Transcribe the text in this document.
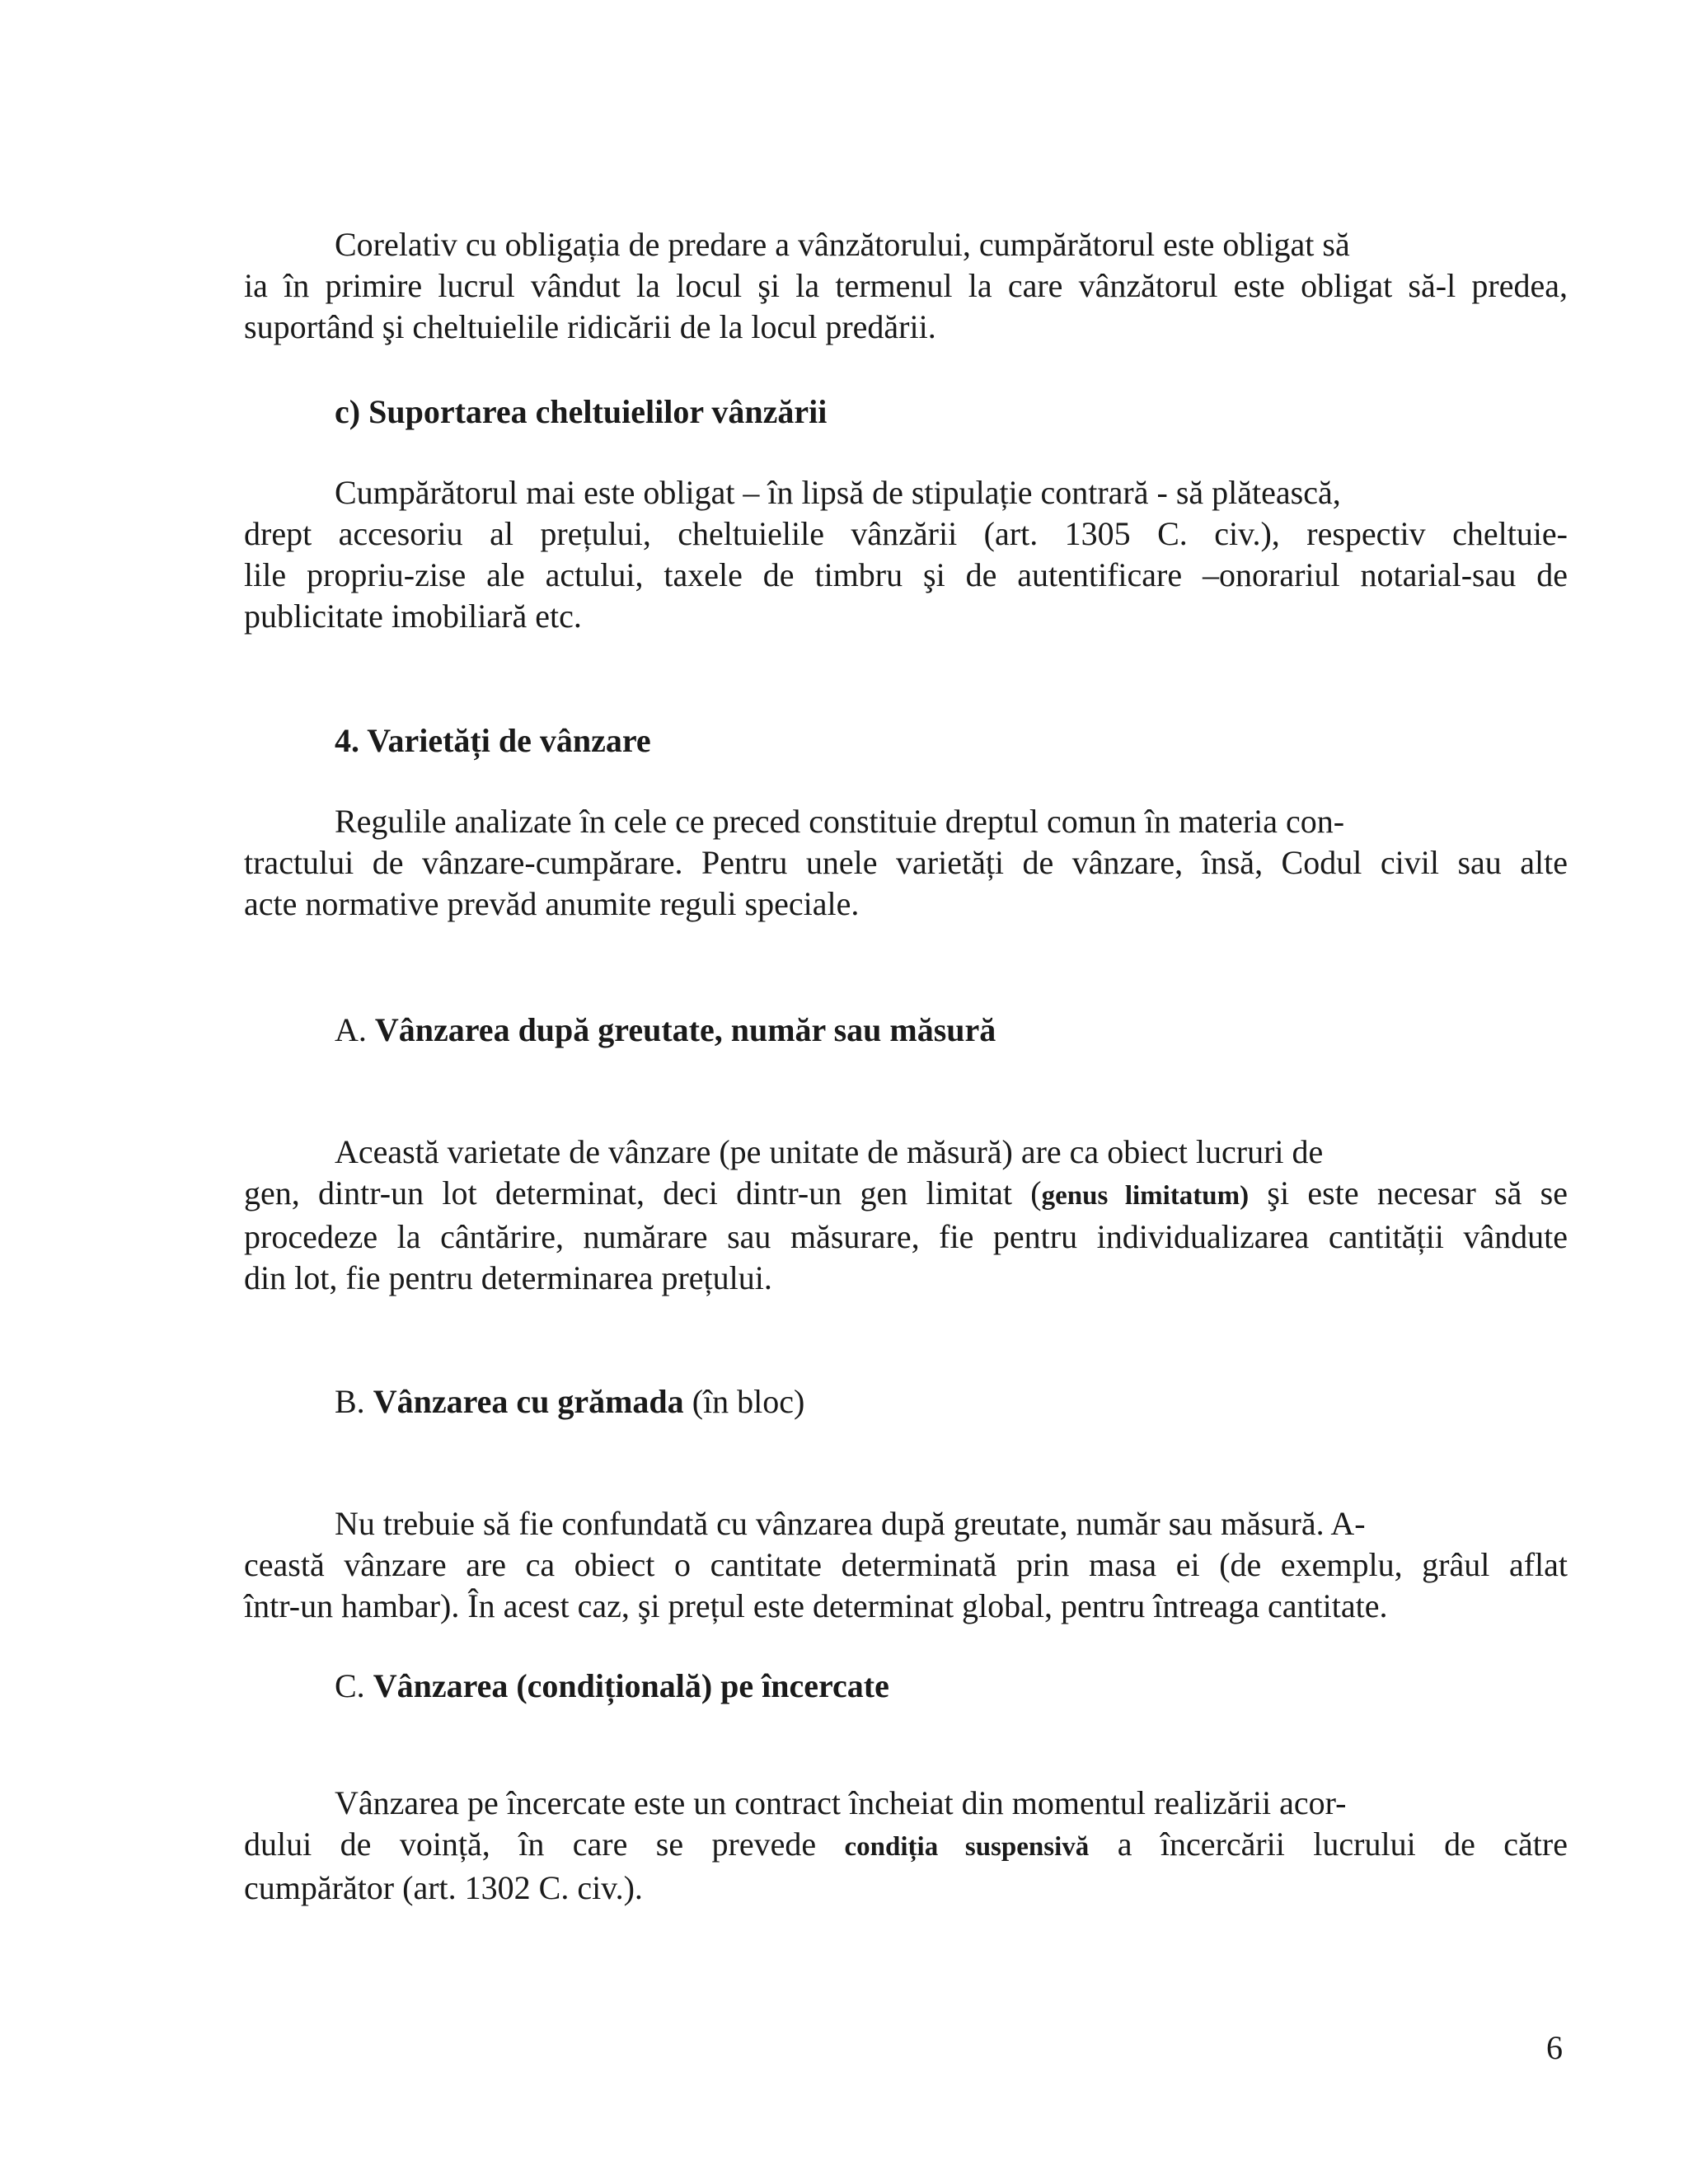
Corelativ cu obligația de predare a vânzătorului, cumpărătorul este obligat să
ia în primire lucrul vândut la locul şi la termenul la care vânzătorul este obligat să-l predea,
suportând şi cheltuielile ridicării de la locul predării.
c) Suportarea cheltuielilor vânzării
Cumpărătorul mai este obligat – în lipsă de stipulație contrară - să plătească,
drept accesoriu al prețului, cheltuielile vânzării (art. 1305 C. civ.), respectiv cheltuie-
lile propriu-zise ale actului, taxele de timbru şi de autentificare –onorariul notarial-sau de
publicitate imobiliară etc.
4. Varietăți de vânzare
Regulile analizate în cele ce preced constituie dreptul comun în materia con-
tractului de vânzare-cumpărare. Pentru unele varietăți de vânzare, însă, Codul civil sau alte
acte normative prevăd anumite reguli speciale.
A. Vânzarea după greutate, număr sau măsură
Această varietate de vânzare (pe unitate de măsură) are ca obiect lucruri de
gen, dintr-un lot determinat, deci dintr-un gen limitat (genus limitatum) şi este necesar să se
procedeze la cântărire, numărare sau măsurare, fie pentru individualizarea cantității vândute
din lot, fie pentru determinarea prețului.
B. Vânzarea cu grămada (în bloc)
Nu trebuie să fie confundată cu vânzarea după greutate, număr sau măsură. A-
ceastă vânzare are ca obiect o cantitate determinată prin masa ei (de exemplu, grâul aflat
într-un hambar). În acest caz, şi prețul este determinat global, pentru întreaga cantitate.
C. Vânzarea (condițională) pe încercate
Vânzarea pe încercate este un contract încheiat din momentul realizării acor-
dului de voință, în care se prevede condiția suspensivă a încercării lucrului de către
cumpărător (art. 1302 C. civ.).
6
